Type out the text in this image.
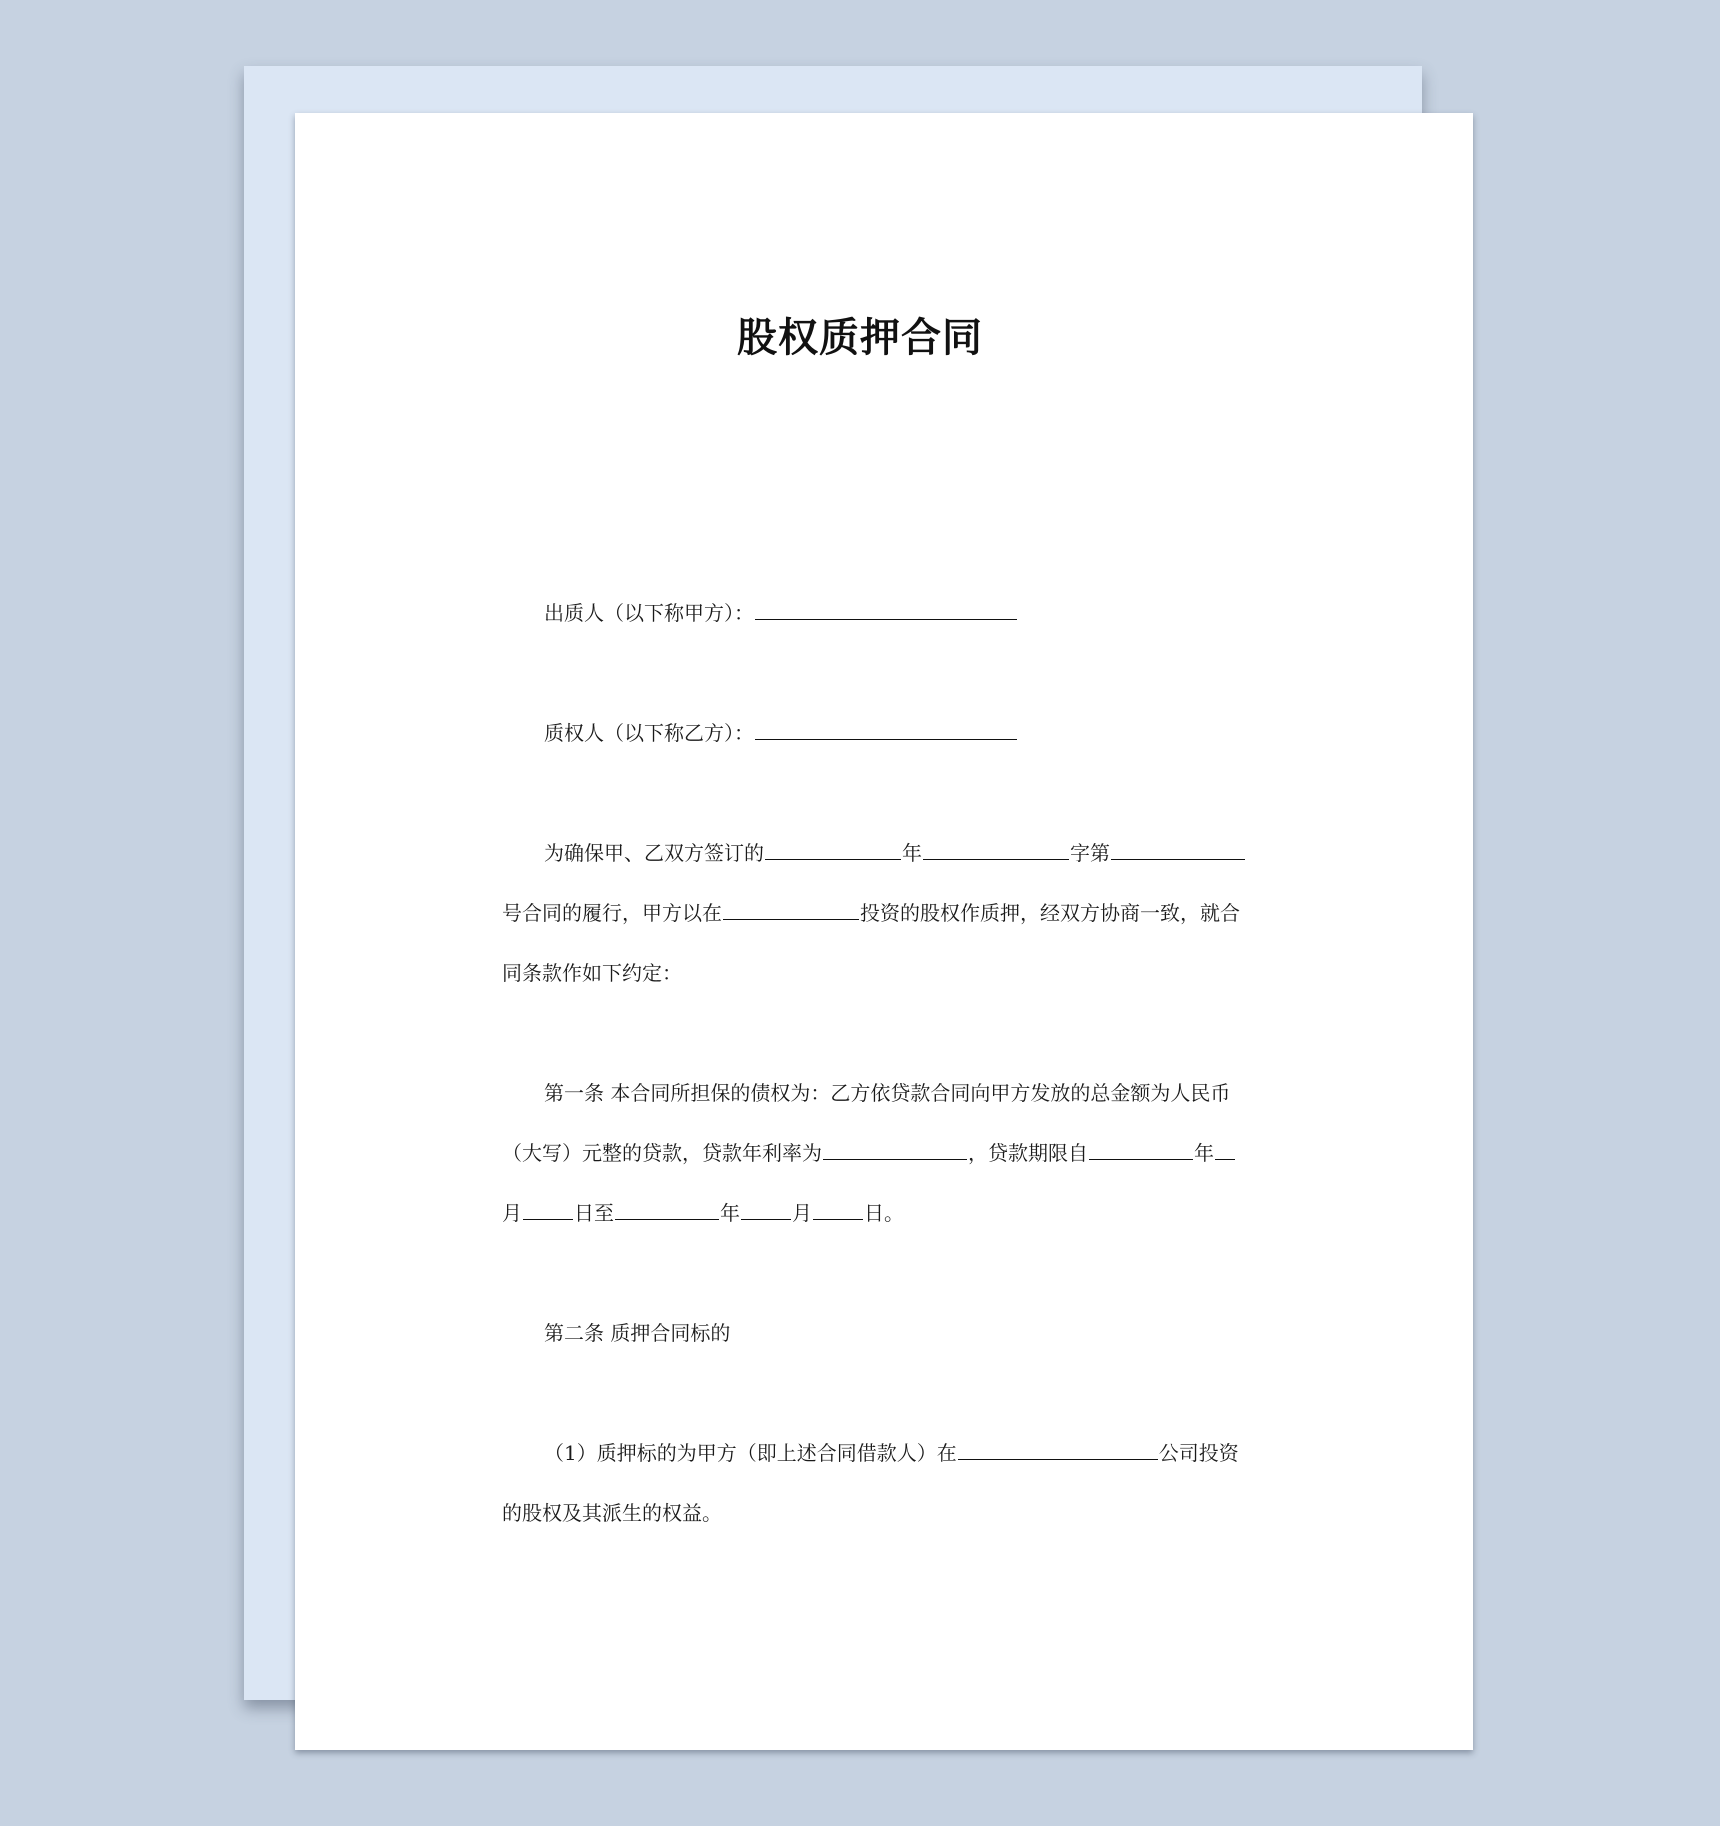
股权质押合同
出质人（以下称甲方）：
质权人（以下称乙方）：
为确保甲、乙双方签订的	年	字第
号合同的履行，甲方以在	投资的股权作质押，经双方协商一致，就合
同条款作如下约定：
第一条 本合同所担保的债权为：乙方依贷款合同向甲方发放的总金额为人民币
（大写）元整的贷款，贷款年利率为	，贷款期限自	年
月	日至	年	月	日。
第二条 质押合同标的
（1）质押标的为甲方（即上述合同借款人）在	公司投资
的股权及其派生的权益。
